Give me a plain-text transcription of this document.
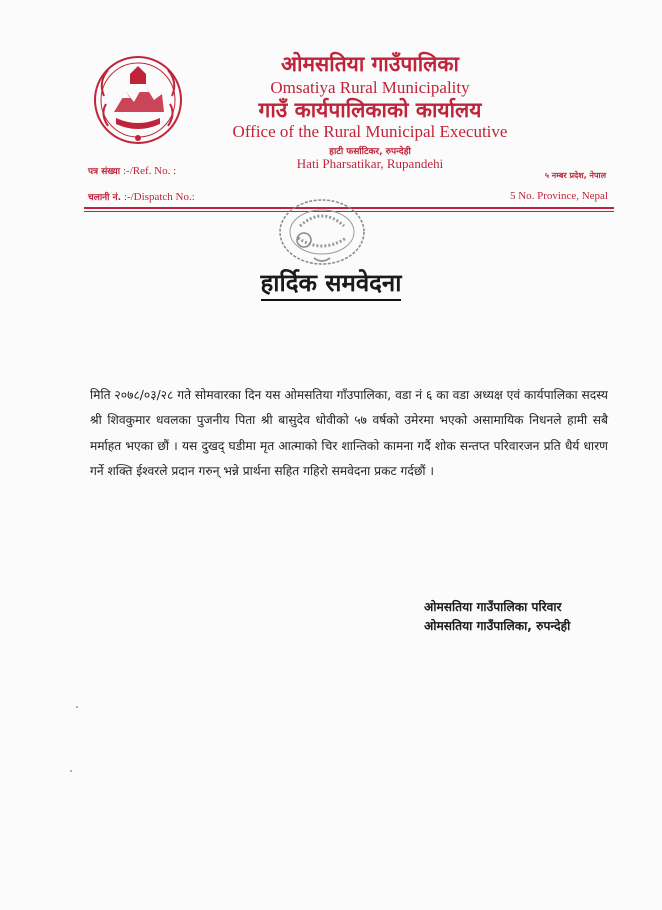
ओमसतिया गाउँपालिका
Omsatiya Rural Municipality
गाउँ कार्यपालिकाको कार्यालय
Office of the Rural Municipal Executive
हाटी फर्साटिकर, रुपन्देही
Hati Pharsatikar, Rupandehi
पत्र संख्या :-/Ref. No. :
चलानी नं. :-/Dispatch No.:
५ नम्बर प्रदेश, नेपाल
5 No. Province, Nepal
हार्दिक समवेदना
मिति २०७८/०३/२८ गते सोमवारका दिन यस ओमसतिया गाँउपालिका, वडा नं ६ का वडा अध्यक्ष एवं कार्यपालिका सदस्य श्री शिवकुमार धवलका पुजनीय पिता श्री बासुदेव धोवीको ५७ वर्षको उमेरमा भएको असामायिक निधनले हामी सबै मर्माहत भएका छौं । यस दुखद् घडीमा मृत आत्माको चिर शान्तिको कामना गर्दै शोक सन्तप्त परिवारजन प्रति धैर्य धारण गर्ने शक्ति ईश्वरले प्रदान गरुन् भन्ने प्रार्थना सहित गहिरो समवेदना प्रकट गर्दछौं ।
ओमसतिया गाउँपालिका परिवार
ओमसतिया गाउँपालिका, रुपन्देही
